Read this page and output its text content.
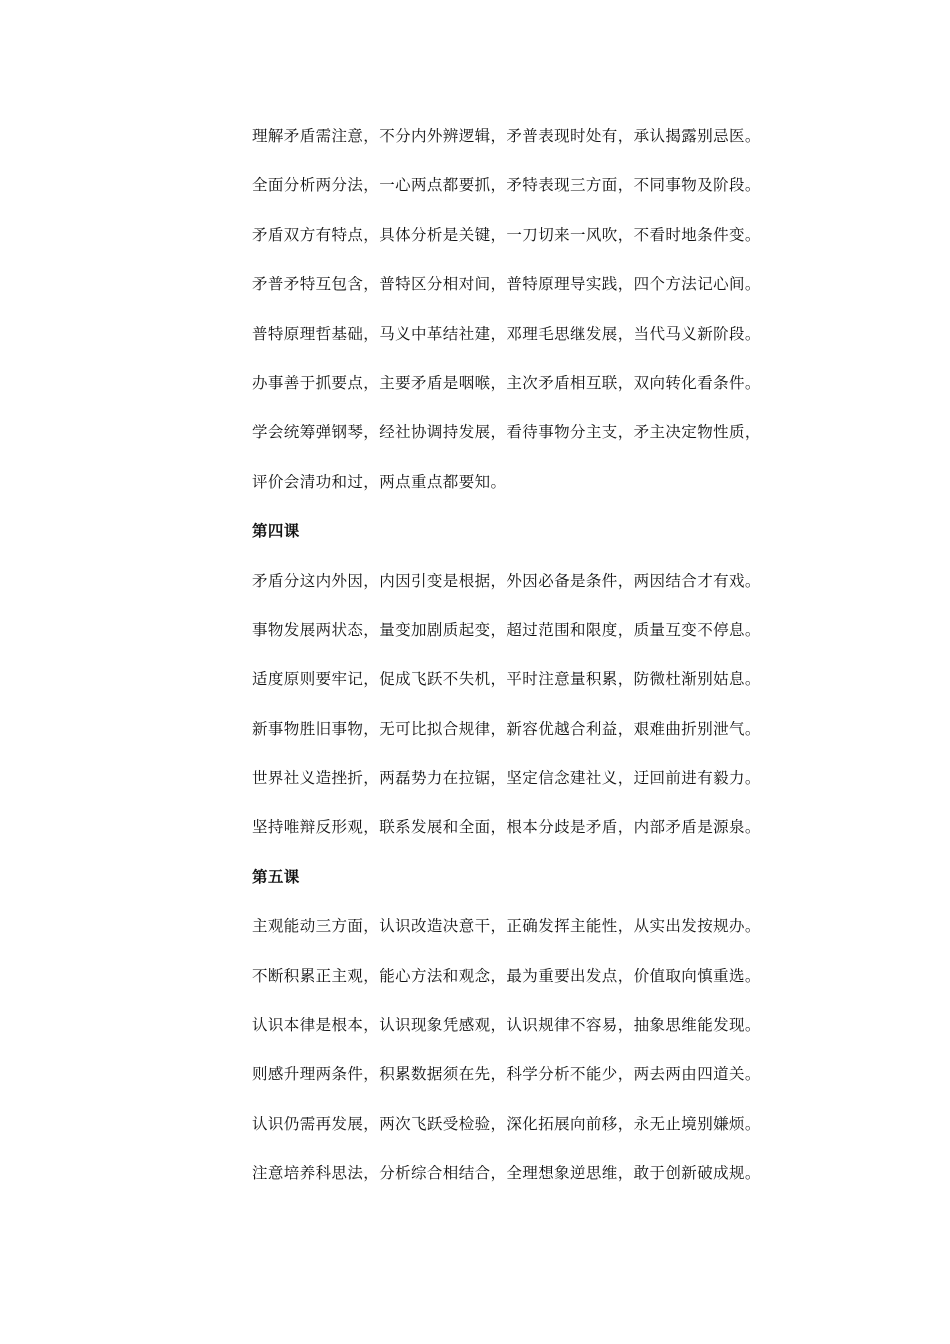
理解矛盾需注意，不分内外辨逻辑，矛普表现时处有，承认揭露别忌医。
全面分析两分法，一心两点都要抓，矛特表现三方面，不同事物及阶段。
矛盾双方有特点，具体分析是关键，一刀切来一风吹，不看时地条件变。
矛普矛特互包含，普特区分相对间，普特原理导实践，四个方法记心间。
普特原理哲基础，马义中革结社建，邓理毛思继发展，当代马义新阶段。
办事善于抓要点，主要矛盾是咽喉，主次矛盾相互联，双向转化看条件。
学会统筹弹钢琴，经社协调持发展，看待事物分主支，矛主决定物性质，
评价会清功和过，两点重点都要知。
第四课
矛盾分这内外因，内因引变是根据，外因必备是条件，两因结合才有戏。
事物发展两状态，量变加剧质起变，超过范围和限度，质量互变不停息。
适度原则要牢记，促成飞跃不失机，平时注意量积累，防微杜渐别姑息。
新事物胜旧事物，无可比拟合规律，新容优越合利益，艰难曲折别泄气。
世界社义造挫折，两磊势力在拉锯，坚定信念建社义，迂回前进有毅力。
坚持唯辩反形观，联系发展和全面，根本分歧是矛盾，内部矛盾是源泉。
第五课
主观能动三方面，认识改造决意干，正确发挥主能性，从实出发按规办。
不断积累正主观，能心方法和观念，最为重要出发点，价值取向慎重选。
认识本律是根本，认识现象凭感观，认识规律不容易，抽象思维能发现。
则感升理两条件，积累数据须在先，科学分析不能少，两去两由四道关。
认识仍需再发展，两次飞跃受检验，深化拓展向前移，永无止境别嫌烦。
注意培养科思法，分析综合相结合，全理想象逆思维，敢于创新破成规。
